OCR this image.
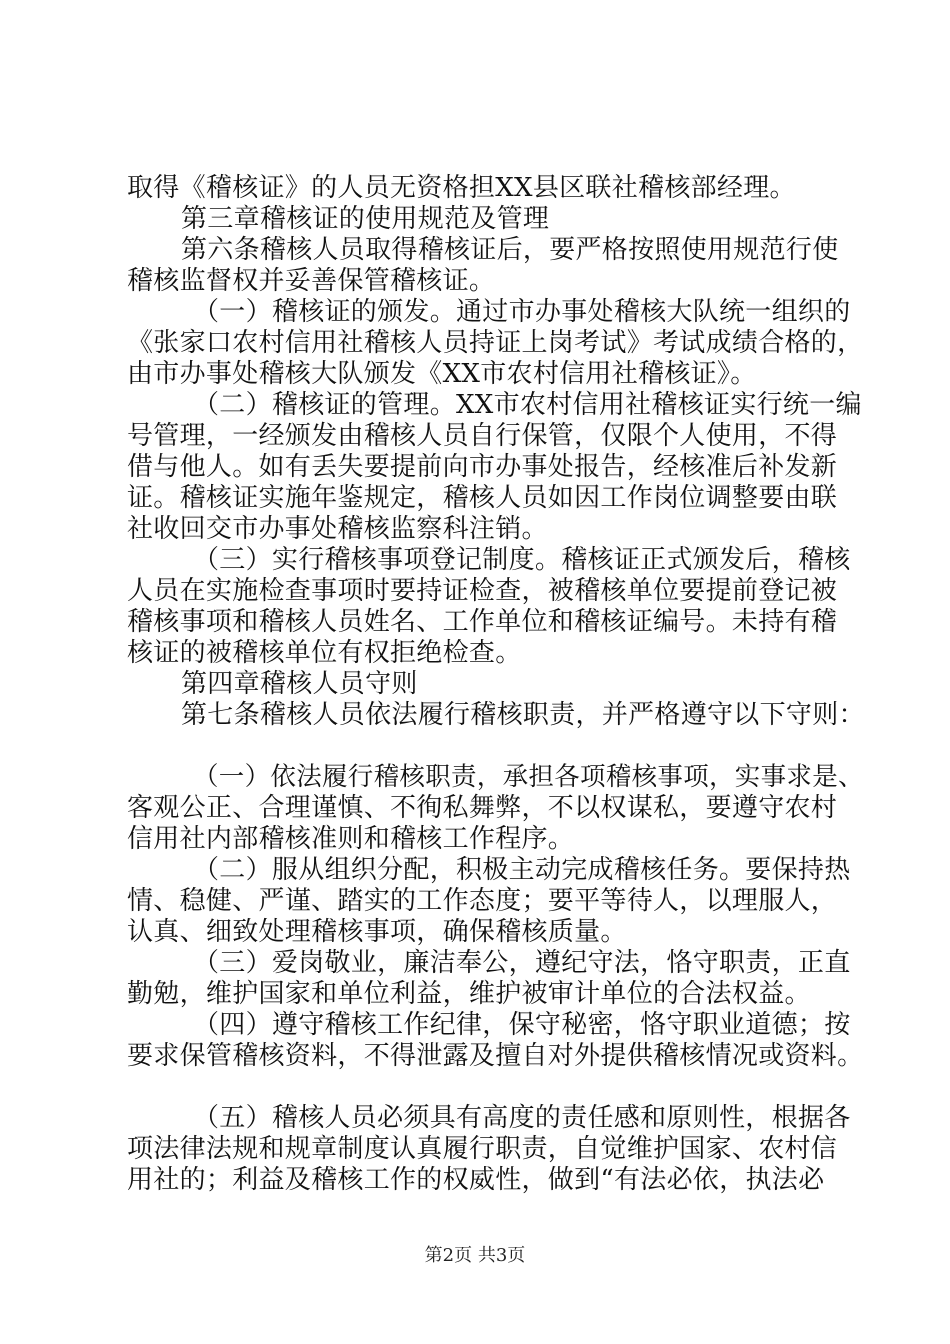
取得《稽核证》的人员无资格担XX县区联社稽核部经理。
第三章稽核证的使用规范及管理
第六条稽核人员取得稽核证后，要严格按照使用规范行使
稽核监督权并妥善保管稽核证。
（一）稽核证的颁发。通过市办事处稽核大队统一组织的
《张家口农村信用社稽核人员持证上岗考试》考试成绩合格的，
由市办事处稽核大队颁发《XX市农村信用社稽核证》。
（二）稽核证的管理。XX市农村信用社稽核证实行统一编
号管理，一经颁发由稽核人员自行保管，仅限个人使用，不得
借与他人。如有丢失要提前向市办事处报告，经核准后补发新
证。稽核证实施年鉴规定，稽核人员如因工作岗位调整要由联
社收回交市办事处稽核监察科注销。
（三）实行稽核事项登记制度。稽核证正式颁发后，稽核
人员在实施检查事项时要持证检查，被稽核单位要提前登记被
稽核事项和稽核人员姓名、工作单位和稽核证编号。未持有稽
核证的被稽核单位有权拒绝检查。
第四章稽核人员守则
第七条稽核人员依法履行稽核职责，并严格遵守以下守则：
（一）依法履行稽核职责，承担各项稽核事项，实事求是、
客观公正、合理谨慎、不徇私舞弊，不以权谋私，要遵守农村
信用社内部稽核准则和稽核工作程序。
（二）服从组织分配，积极主动完成稽核任务。要保持热
情、稳健、严谨、踏实的工作态度；要平等待人，以理服人，
认真、细致处理稽核事项，确保稽核质量。
（三）爱岗敬业，廉洁奉公，遵纪守法，恪守职责，正直
勤勉，维护国家和单位利益，维护被审计单位的合法权益。
（四）遵守稽核工作纪律，保守秘密，恪守职业道德；按
要求保管稽核资料，不得泄露及擅自对外提供稽核情况或资料。
（五）稽核人员必须具有高度的责任感和原则性，根据各
项法律法规和规章制度认真履行职责，自觉维护国家、农村信
用社的；利益及稽核工作的权威性，做到“有法必依，执法必
第2页 共3页
